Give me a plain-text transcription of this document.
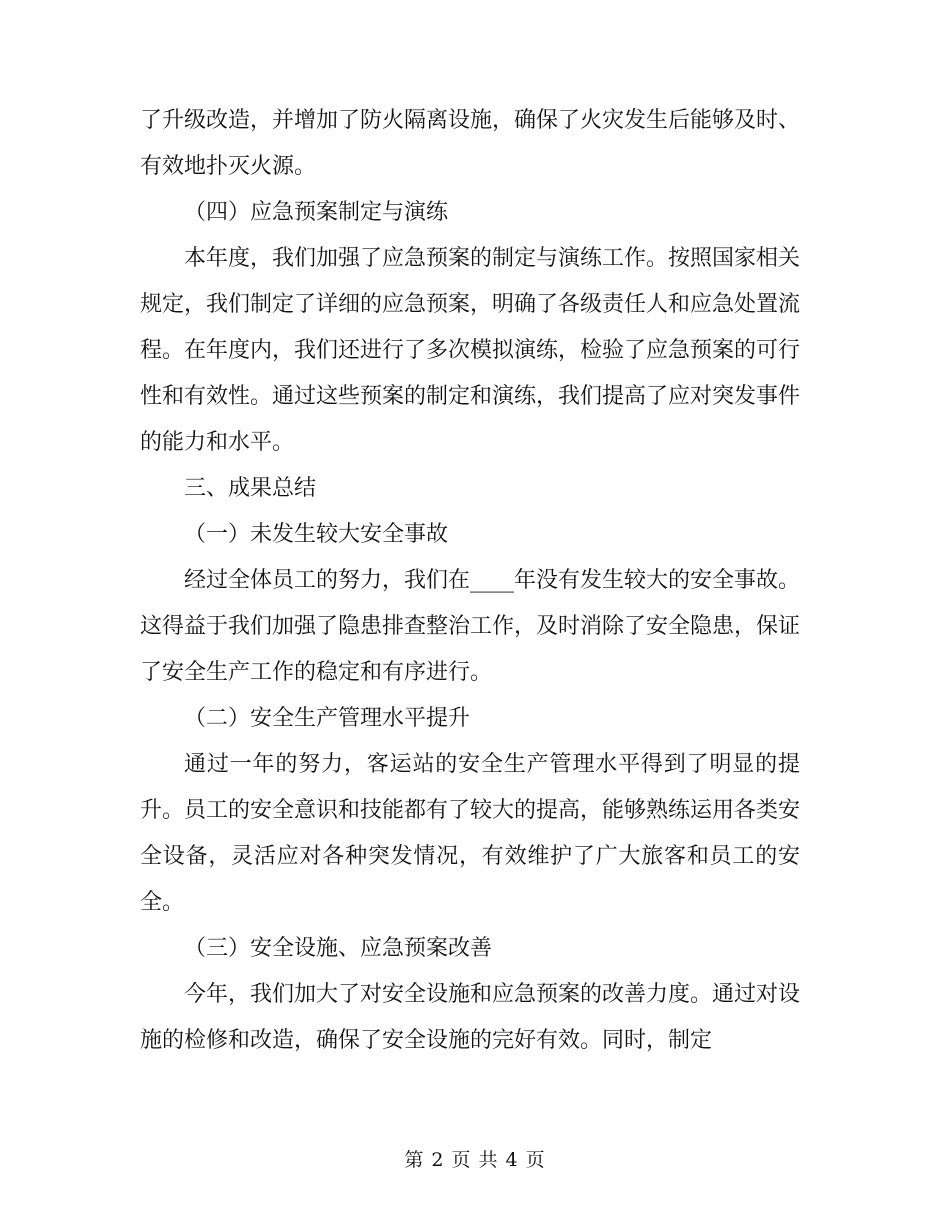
了升级改造，并增加了防火隔离设施，确保了火灾发生后能够及时、有效地扑灭火源。

（四）应急预案制定与演练

本年度，我们加强了应急预案的制定与演练工作。按照国家相关规定，我们制定了详细的应急预案，明确了各级责任人和应急处置流程。在年度内，我们还进行了多次模拟演练，检验了应急预案的可行性和有效性。通过这些预案的制定和演练，我们提高了应对突发事件的能力和水平。

三、成果总结

（一）未发生较大安全事故

经过全体员工的努力，我们在____年没有发生较大的安全事故。这得益于我们加强了隐患排查整治工作，及时消除了安全隐患，保证了安全生产工作的稳定和有序进行。

（二）安全生产管理水平提升

通过一年的努力，客运站的安全生产管理水平得到了明显的提升。员工的安全意识和技能都有了较大的提高，能够熟练运用各类安全设备，灵活应对各种突发情况，有效维护了广大旅客和员工的安全。

（三）安全设施、应急预案改善

今年，我们加大了对安全设施和应急预案的改善力度。通过对设施的检修和改造，确保了安全设施的完好有效。同时，制定

第 2 页 共 4 页
